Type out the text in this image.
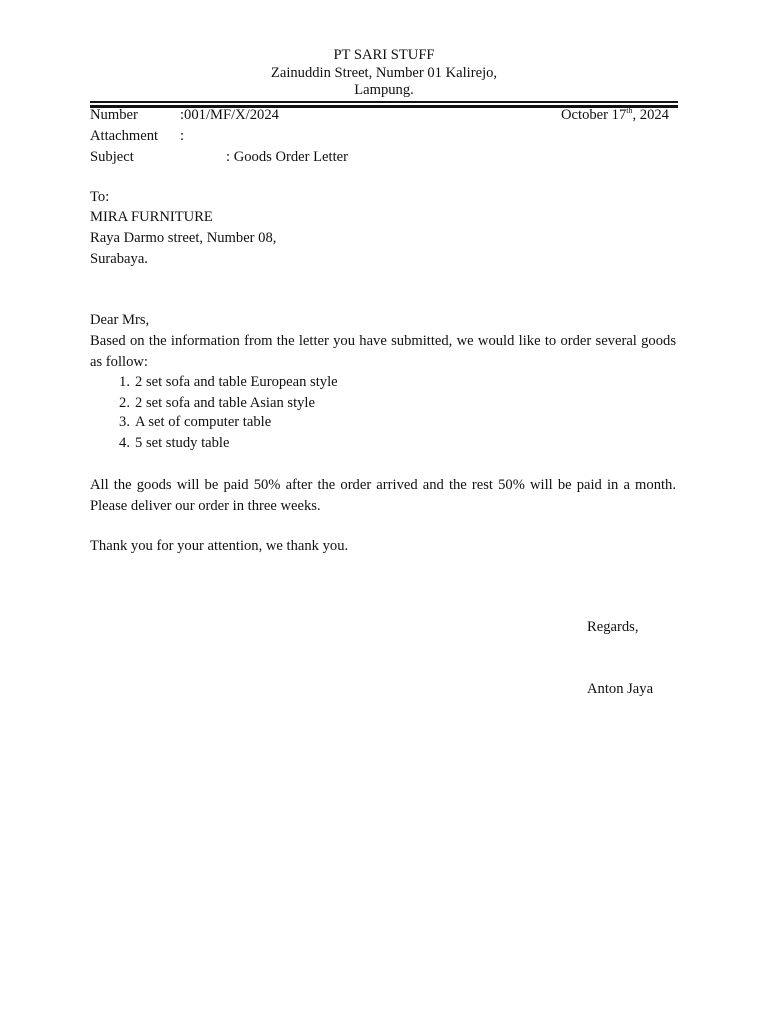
PT SARI STUFF
Zainuddin Street, Number 01 Kalirejo,
Lampung.
Number	:001/MF/X/2024	October 17th, 2024
Attachment :
Subject	: Goods Order Letter
To:
MIRA FURNITURE
Raya Darmo street, Number 08,
Surabaya.
Dear Mrs,
Based on the information from the letter you have submitted, we would like to order several goods as follow:
1. 2 set sofa and table European style
2. 2 set sofa and table Asian style
3. A set of computer table
4. 5 set study table
All the goods will be paid 50% after the order arrived and the rest 50% will be paid in a month. Please deliver our order in three weeks.
Thank you for your attention, we thank you.
Regards,
Anton Jaya
